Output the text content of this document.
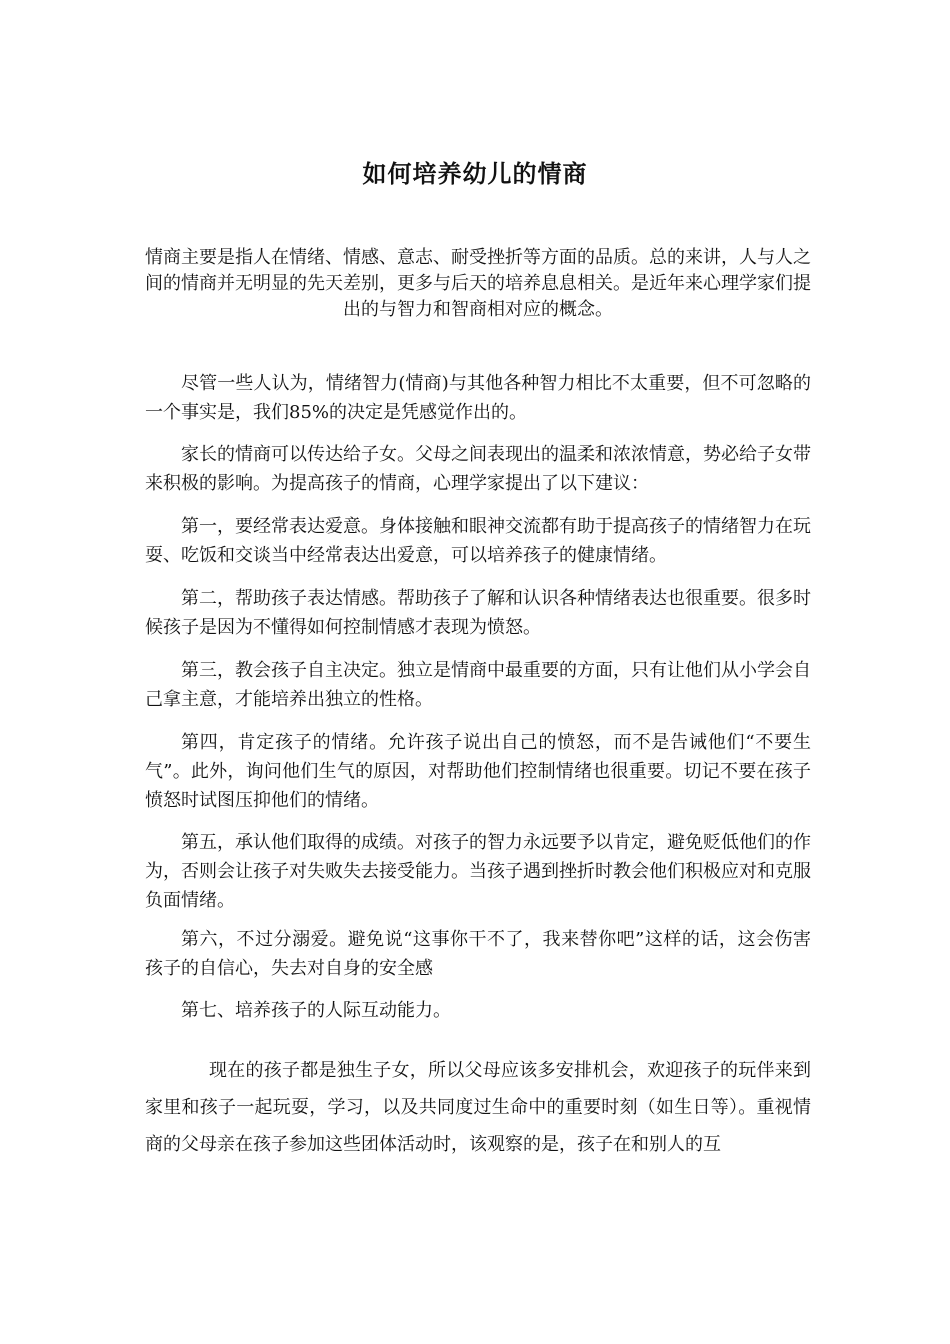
如何培养幼儿的情商

情商主要是指人在情绪、情感、意志、耐受挫折等方面的品质。总的来讲，人与人之间的情商并无明显的先天差别，更多与后天的培养息息相关。是近年来心理学家们提出的与智力和智商相对应的概念。

尽管一些人认为，情绪智力(情商)与其他各种智力相比不太重要，但不可忽略的一个事实是，我们85%的决定是凭感觉作出的。

家长的情商可以传达给子女。父母之间表现出的温柔和浓浓情意，势必给子女带来积极的影响。为提高孩子的情商，心理学家提出了以下建议：

第一，要经常表达爱意。身体接触和眼神交流都有助于提高孩子的情绪智力在玩耍、吃饭和交谈当中经常表达出爱意，可以培养孩子的健康情绪。

第二，帮助孩子表达情感。帮助孩子了解和认识各种情绪表达也很重要。很多时候孩子是因为不懂得如何控制情感才表现为愤怒。

第三，教会孩子自主决定。独立是情商中最重要的方面，只有让他们从小学会自己拿主意，才能培养出独立的性格。

第四，肯定孩子的情绪。允许孩子说出自己的愤怒，而不是告诫他们“不要生气”。此外，询问他们生气的原因，对帮助他们控制情绪也很重要。切记不要在孩子愤怒时试图压抑他们的情绪。

第五，承认他们取得的成绩。对孩子的智力永远要予以肯定，避免贬低他们的作为，否则会让孩子对失败失去接受能力。当孩子遇到挫折时教会他们积极应对和克服负面情绪。

第六，不过分溺爱。避免说“这事你干不了，我来替你吧”这样的话，这会伤害孩子的自信心，失去对自身的安全感

第七、培养孩子的人际互动能力。

现在的孩子都是独生子女，所以父母应该多安排机会，欢迎孩子的玩伴来到家里和孩子一起玩耍，学习，以及共同度过生命中的重要时刻（如生日等）。重视情商的父母亲在孩子参加这些团体活动时，该观察的是，孩子在和别人的互
